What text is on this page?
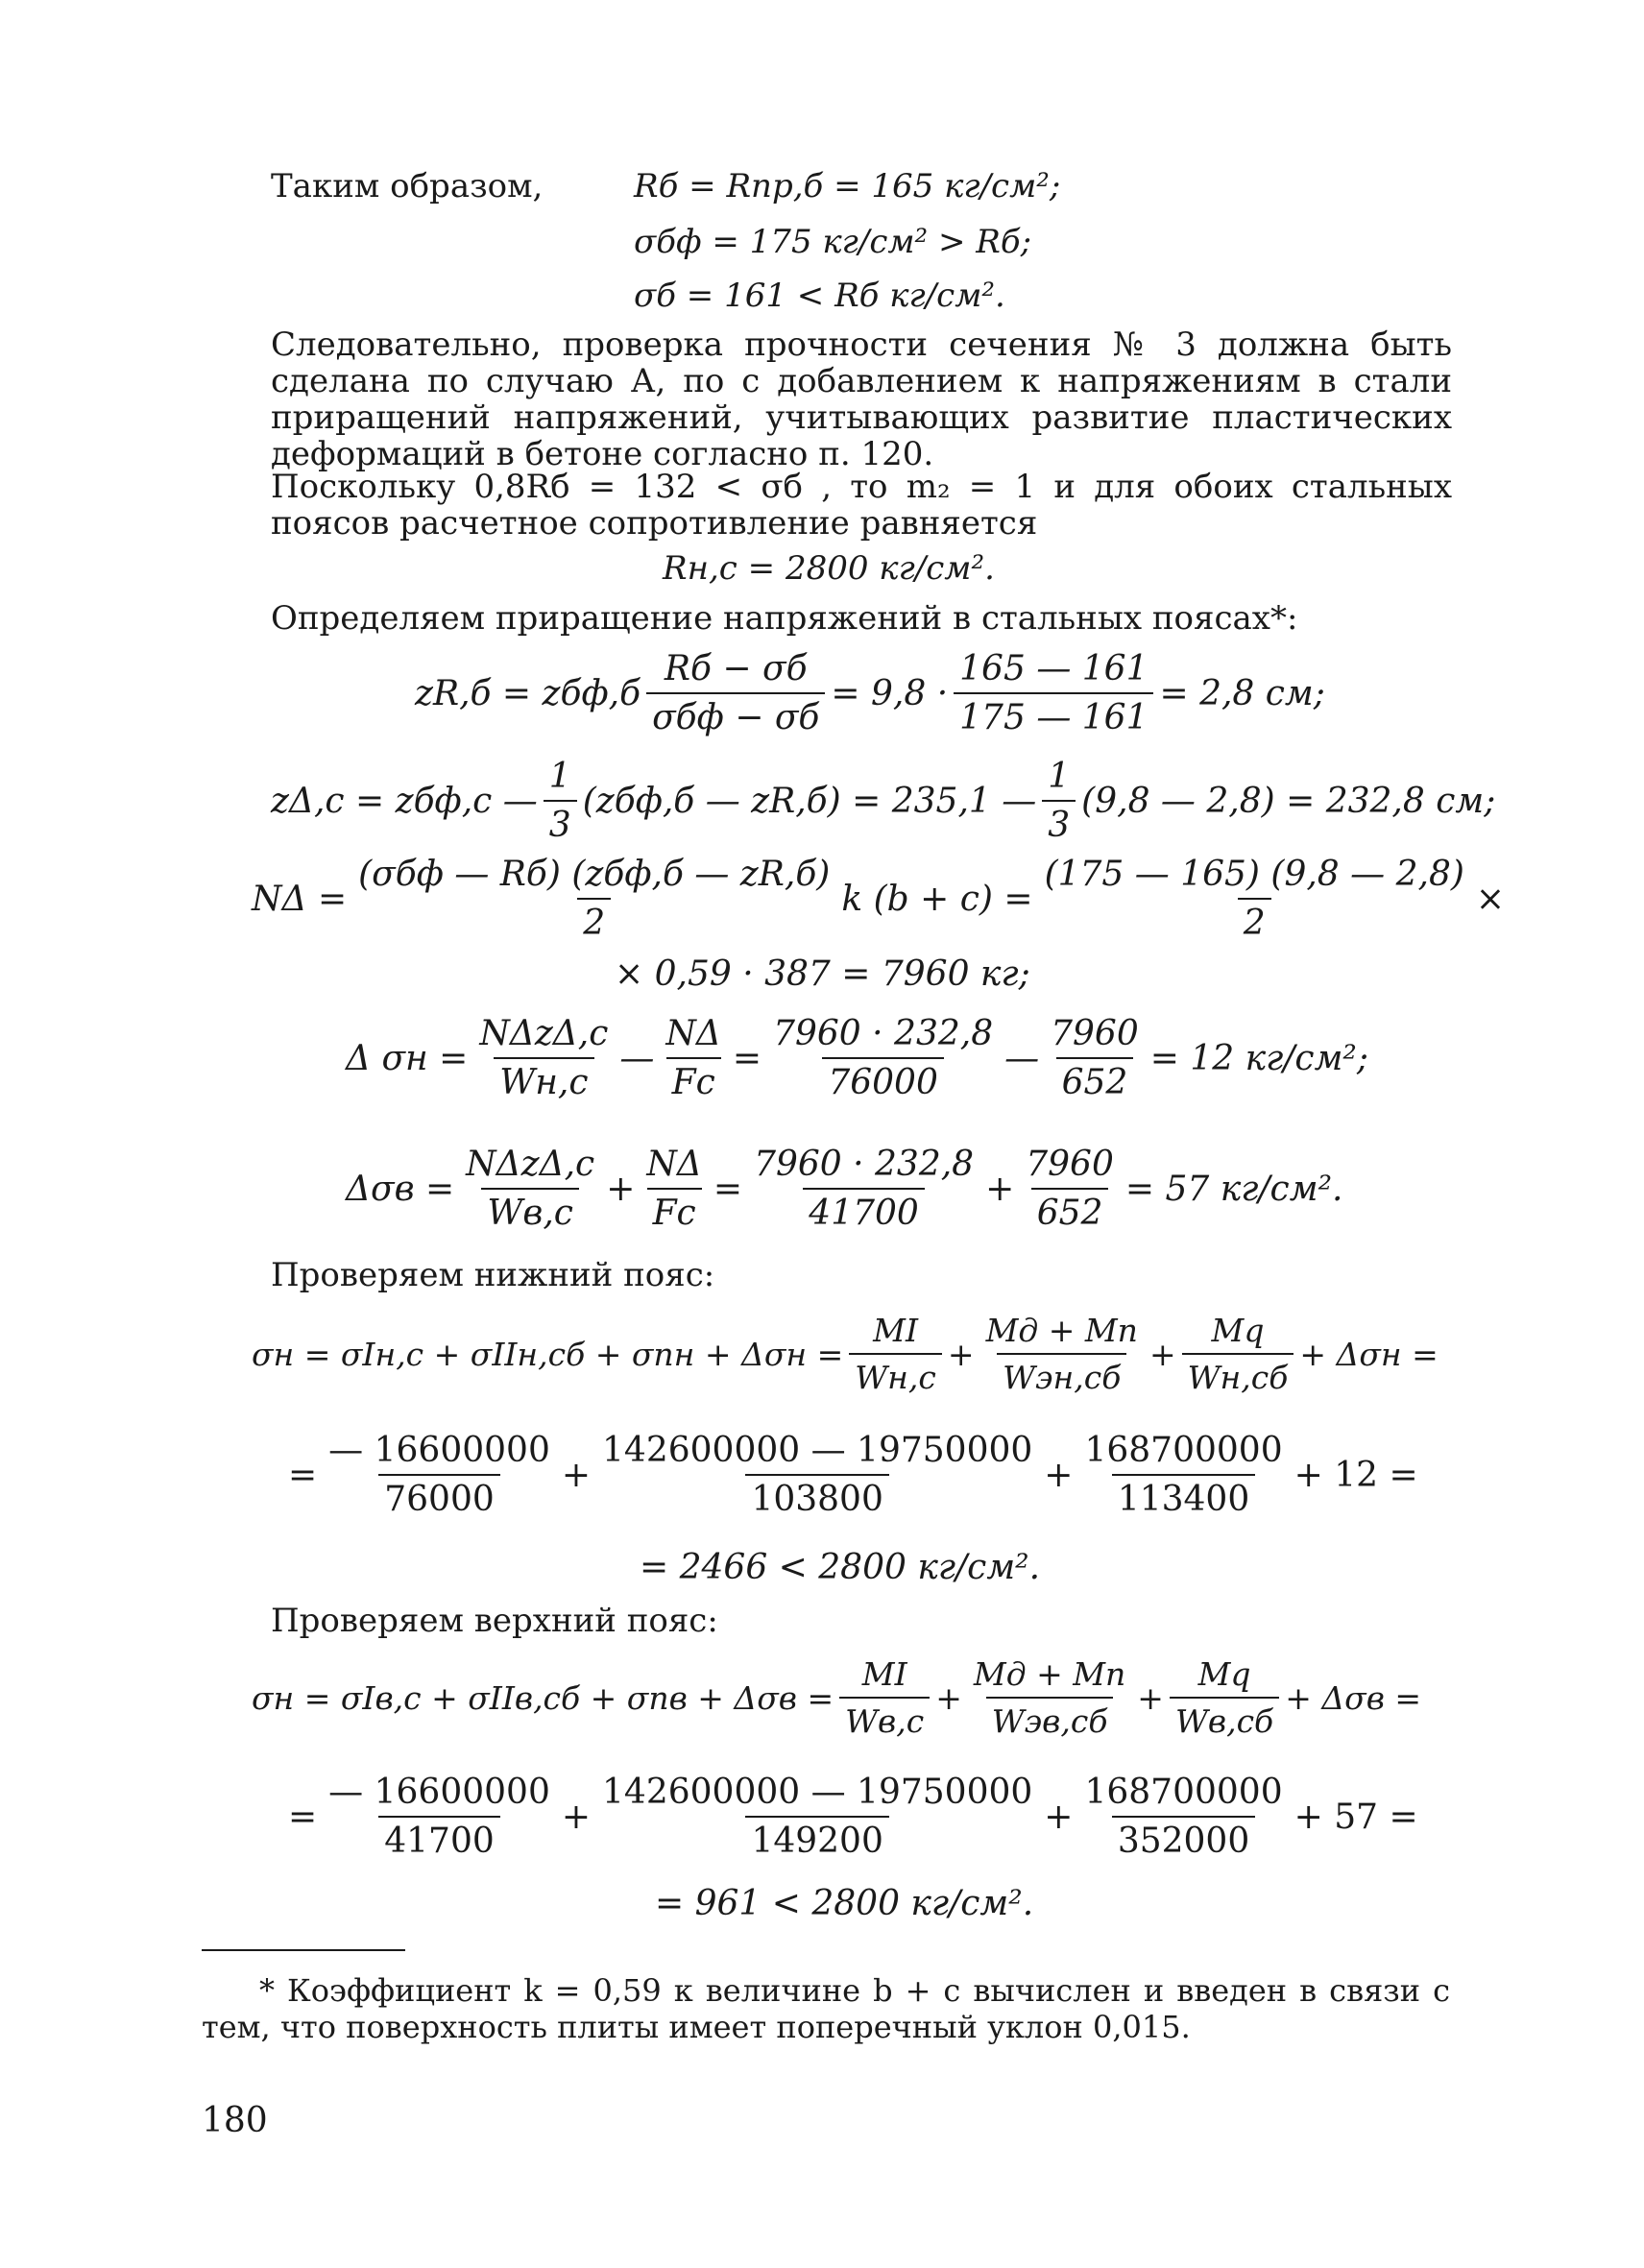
Таким образом,	Rб = Rпр,б = 165 кг/см²;
σбф = 175 кг/см² > Rб;
σб = 161 < Rб кг/см².
Следовательно, проверка прочности сечения № 3 должна быть сделана по случаю А, по с добавлением к напряжениям в стали приращений напряжений, учитывающих развитие пластических деформаций в бетоне согласно п. 120.
Поскольку 0,8Rб = 132 < σб , то m₂ = 1 и для обоих стальных поясов расчетное сопротивление равняется
Rн,с = 2800 кг/см².
Определяем приращение напряжений в стальных поясах*:
$zR,б = zбф,б \frac{Rб - \sigma б}{\text{σбф − σб}} = 9,8 \cdot \frac{165 — 161}{175 — 161} = 2,8$ см;
zΔ,с = zбф,с — $\frac{1}{3} (zбф,б$ — zR,б) = 235,1 — $\frac{1}{3} (9,8$ — 2,8) = 232,8 см;
$N\Delta = \frac{\text{(σбф — Rб) (zбф,б — zR,б)}}{2}$ k $(b + c) = \frac{(175 — 165) (9,8 — 2,8)}{2}$ ×
× 0,59 · 387 = 7960 кг;
Δ $\sigma н = \frac{\text{NΔzΔ,с}}{Wн,с}$ — $\frac{N\Delta}{Fс} = \frac{7960 \cdot 232,8}{76000}$ — $\frac{7960}{652} = 12$ кг/см²;
$\Delta\sigma в = \frac{\text{NΔzΔ,с}}{Wв,с} + \frac{N\Delta}{Fс} = \frac{7960 \cdot 232,8}{41700} + \frac{7960}{652} = 57$ кг/см².
Проверяем нижний пояс:
$\sigma н = \sigma Iн,с + \sigma IIн,сб + \sigma пн + \Delta\sigma н = \frac{MI}{Wн,с} + \frac{Mд + Mп}{\text{Wэн,сб}} + \frac{Mq}{Wн,сб} + \Delta\sigma н$ =
= $\frac{— 16600000}{76000} + \frac{142600000 — 19750000}{103800} + \frac{168700000}{113400} + 12$ =
= 2466 < 2800 кг/см².
Проверяем верхний пояс:
$\sigma н = \sigma Iв,с + \sigma IIв,сб + \sigma пв + \Delta\sigma в = \frac{MI}{Wв,с} + \frac{Mд + Mп}{\text{Wэв,сб}} + \frac{Mq}{Wв,сб} + \Delta\sigma в$ =
= $\frac{— 16600000}{41700} + \frac{142600000 — 19750000}{149200} + \frac{168700000}{352000} + 57$ =
= 961 < 2800 кг/см².
* Коэффициент k = 0,59 к величине b + c вычислен и введен в связи с тем, что поверхность плиты имеет поперечный уклон 0,015.
180
